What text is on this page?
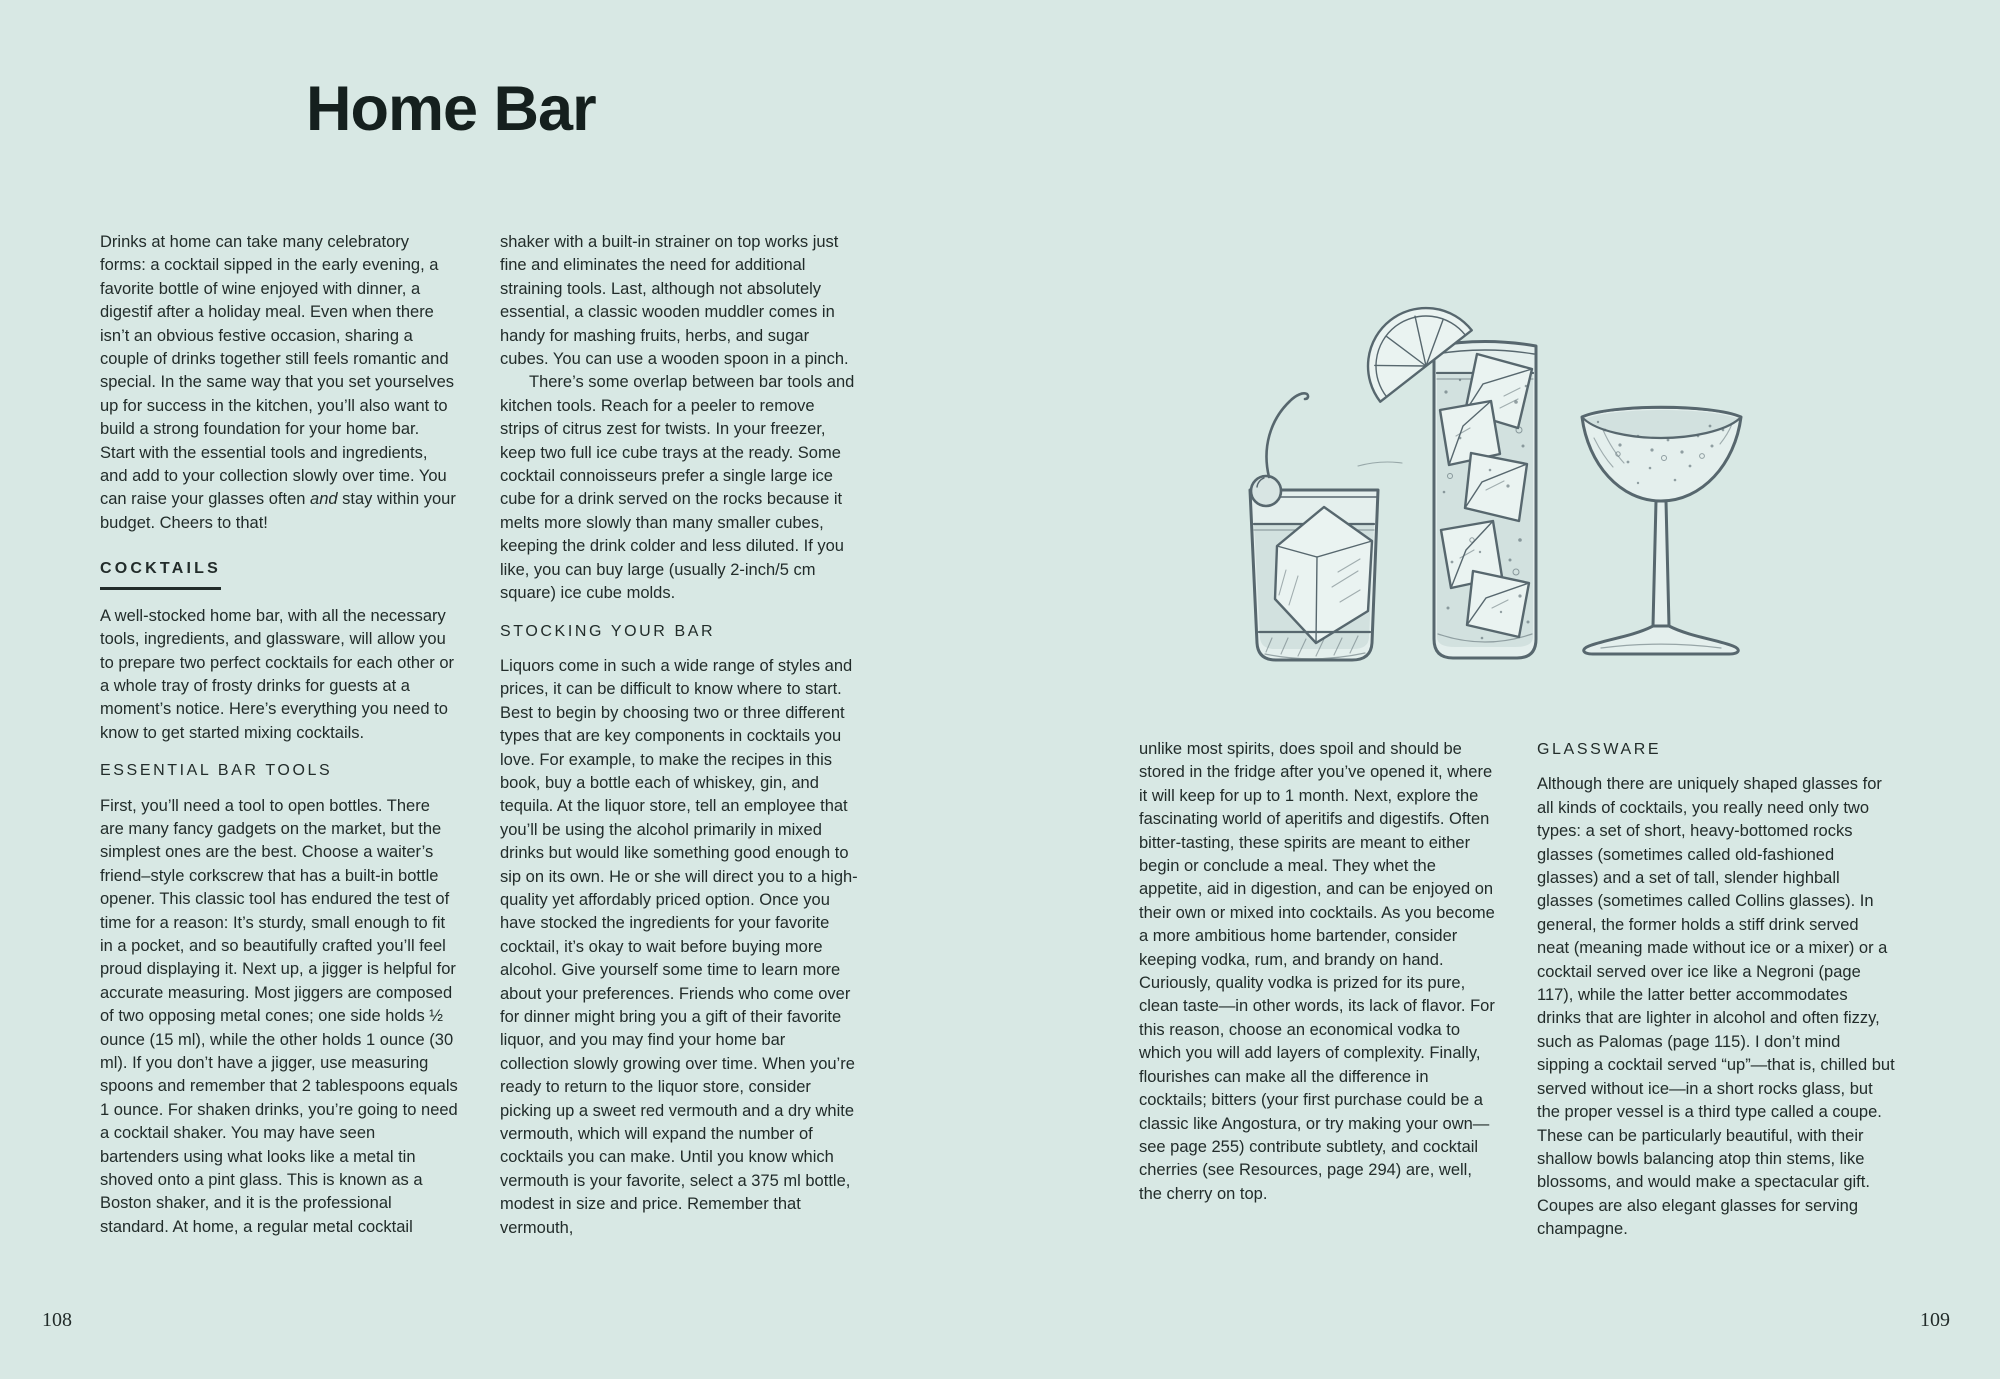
Home Bar

Drinks at home can take many celebratory forms: a cocktail sipped in the early evening, a favorite bottle of wine enjoyed with dinner, a digestif after a holiday meal. Even when there isn’t an obvious festive occasion, sharing a couple of drinks together still feels romantic and special. In the same way that you set yourselves up for success in the kitchen, you’ll also want to build a strong foundation for your home bar. Start with the essential tools and ingredients, and add to your collection slowly over time. You can raise your glasses often and stay within your budget. Cheers to that!

COCKTAILS

A well-stocked home bar, with all the necessary tools, ingredients, and glassware, will allow you to prepare two perfect cocktails for each other or a whole tray of frosty drinks for guests at a moment’s notice. Here’s everything you need to know to get started mixing cocktails.

ESSENTIAL BAR TOOLS

First, you’ll need a tool to open bottles. There are many fancy gadgets on the market, but the simplest ones are the best. Choose a waiter’s friend–style corkscrew that has a built-in bottle opener. This classic tool has endured the test of time for a reason: It’s sturdy, small enough to fit in a pocket, and so beautifully crafted you’ll feel proud displaying it. Next up, a jigger is helpful for accurate measuring. Most jiggers are composed of two opposing metal cones; one side holds ½ ounce (15 ml), while the other holds 1 ounce (30 ml). If you don’t have a jigger, use measuring spoons and remember that 2 tablespoons equals 1 ounce. For shaken drinks, you’re going to need a cocktail shaker. You may have seen bartenders using what looks like a metal tin shoved onto a pint glass. This is known as a Boston shaker, and it is the professional standard. At home, a regular metal cocktail

shaker with a built-in strainer on top works just fine and eliminates the need for additional straining tools. Last, although not absolutely essential, a classic wooden muddler comes in handy for mashing fruits, herbs, and sugar cubes. You can use a wooden spoon in a pinch.

There’s some overlap between bar tools and kitchen tools. Reach for a peeler to remove strips of citrus zest for twists. In your freezer, keep two full ice cube trays at the ready. Some cocktail connoisseurs prefer a single large ice cube for a drink served on the rocks because it melts more slowly than many smaller cubes, keeping the drink colder and less diluted. If you like, you can buy large (usually 2-inch/5 cm square) ice cube molds.

STOCKING YOUR BAR

Liquors come in such a wide range of styles and prices, it can be difficult to know where to start. Best to begin by choosing two or three different types that are key components in cocktails you love. For example, to make the recipes in this book, buy a bottle each of whiskey, gin, and tequila. At the liquor store, tell an employee that you’ll be using the alcohol primarily in mixed drinks but would like something good enough to sip on its own. He or she will direct you to a high-quality yet affordably priced option. Once you have stocked the ingredients for your favorite cocktail, it’s okay to wait before buying more alcohol. Give yourself some time to learn more about your preferences. Friends who come over for dinner might bring you a gift of their favorite liquor, and you may find your home bar collection slowly growing over time. When you’re ready to return to the liquor store, consider picking up a sweet red vermouth and a dry white vermouth, which will expand the number of cocktails you can make. Until you know which vermouth is your favorite, select a 375 ml bottle, modest in size and price. Remember that vermouth,

unlike most spirits, does spoil and should be stored in the fridge after you’ve opened it, where it will keep for up to 1 month. Next, explore the fascinating world of aperitifs and digestifs. Often bitter-tasting, these spirits are meant to either begin or conclude a meal. They whet the appetite, aid in digestion, and can be enjoyed on their own or mixed into cocktails. As you become a more ambitious home bartender, consider keeping vodka, rum, and brandy on hand. Curiously, quality vodka is prized for its pure, clean taste—in other words, its lack of flavor. For this reason, choose an economical vodka to which you will add layers of complexity. Finally, flourishes can make all the difference in cocktails; bitters (your first purchase could be a classic like Angostura, or try making your own—see page 255) contribute subtlety, and cocktail cherries (see Resources, page 294) are, well, the cherry on top.

GLASSWARE

Although there are uniquely shaped glasses for all kinds of cocktails, you really need only two types: a set of short, heavy-bottomed rocks glasses (sometimes called old-fashioned glasses) and a set of tall, slender highball glasses (sometimes called Collins glasses). In general, the former holds a stiff drink served neat (meaning made without ice or a mixer) or a cocktail served over ice like a Negroni (page 117), while the latter better accommodates drinks that are lighter in alcohol and often fizzy, such as Palomas (page 115). I don’t mind sipping a cocktail served “up”—that is, chilled but served without ice—in a short rocks glass, but the proper vessel is a third type called a coupe. These can be particularly beautiful, with their shallow bowls balancing atop thin stems, like blossoms, and would make a spectacular gift. Coupes are also elegant glasses for serving champagne.

108	109
